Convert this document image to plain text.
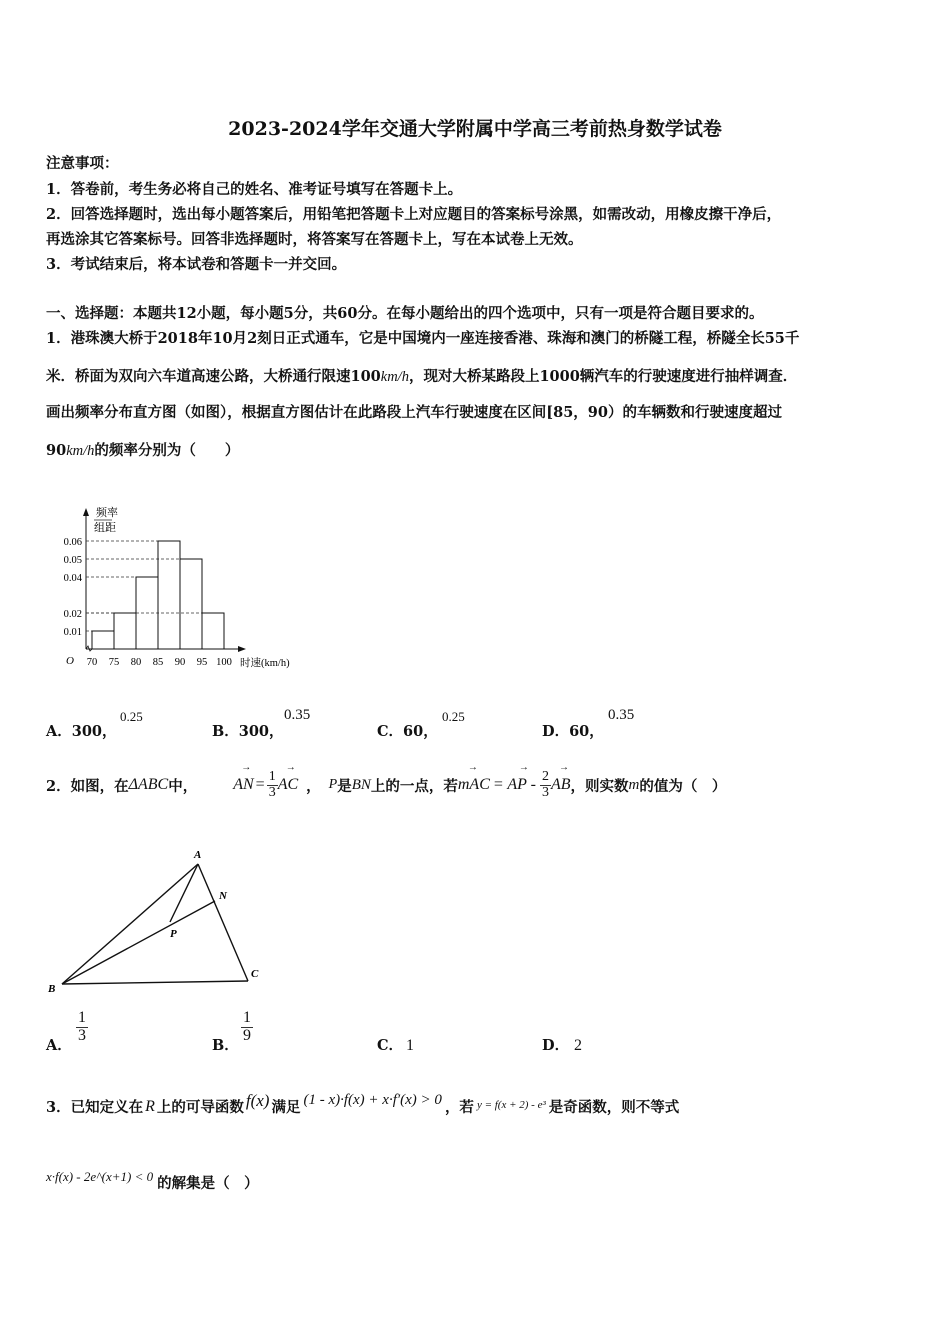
2023-2024学年交通大学附属中学高三考前热身数学试卷
注意事项：
1．答卷前，考生务必将自己的姓名、准考证号填写在答题卡上。
2．回答选择题时，选出每小题答案后，用铅笔把答题卡上对应题目的答案标号涂黑，如需改动，用橡皮擦干净后，
再选涂其它答案标号。回答非选择题时，将答案写在答题卡上，写在本试卷上无效。
3．考试结束后，将本试卷和答题卡一并交回。
一、选择题：本题共12小题，每小题5分，共60分。在每小题给出的四个选项中，只有一项是符合题目要求的。
1．港珠澳大桥于2018年10月2刻日正式通车，它是中国境内一座连接香港、珠海和澳门的桥隧工程，桥隧全长55千
米．桥面为双向六车道高速公路，大桥通行限速100km/h，现对大桥某路段上1000辆汽车的行驶速度进行抽样调查．
画出频率分布直方图（如图），根据直方图估计在此路段上汽车行驶速度在区间[85，90）的车辆数和行驶速度超过
90km/h的频率分别为（　　）
频率
组距
O	时速(km/h)
0.06
0.05
0.04
0.02
0.01
70 75 80 85 90 95 100
A．300，
0.25
B．300，
0.35
C．60，
0.25
D．60，
0.35
2．如图，在 ΔABC 中，
→
AN = $\frac{1}{3}$
→
AC ， P 是 BN 上的一点，若
→
mAC
→
= AP - $\frac{2}{3}$
→
AB ，则实数 m 的值为（　）
A
B
C
N
P
A．
$\frac{1}{3}$
B．
$\frac{1}{9}$
C． 1	D． 2
3．已知定义在 R 上的可导函数 f(x) 满足 (1 - x)·f(x) + x·f′(x) > 0 ，若 y = f(x + 2) - e³ 是奇函数，则不等式
x·f(x) - 2e^(x+1) < 0 的解集是（　）
